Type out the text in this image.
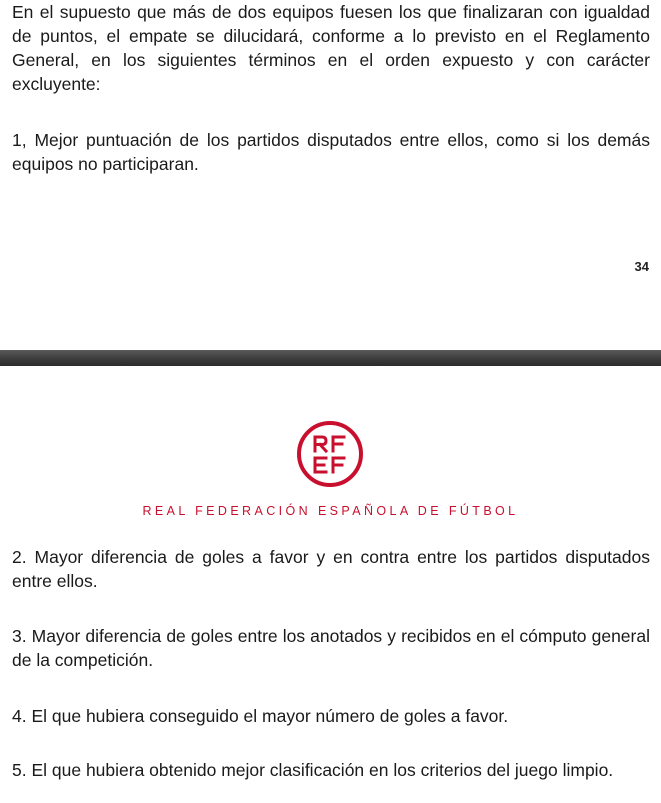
En el supuesto que más de dos equipos fuesen los que finalizaran con igualdad de puntos, el empate se dilucidará, conforme a lo previsto en el Reglamento General, en los siguientes términos en el orden expuesto y con carácter excluyente:
1, Mejor puntuación de los partidos disputados entre ellos, como si los demás equipos no participaran.
34
REAL FEDERACIÓN ESPAÑOLA DE FÚTBOL
2. Mayor diferencia de goles a favor y en contra entre los partidos disputados entre ellos.
3. Mayor diferencia de goles entre los anotados y recibidos en el cómputo general de la competición.
4. El que hubiera conseguido el mayor número de goles a favor.
5. El que hubiera obtenido mejor clasificación en los criterios del juego limpio.
